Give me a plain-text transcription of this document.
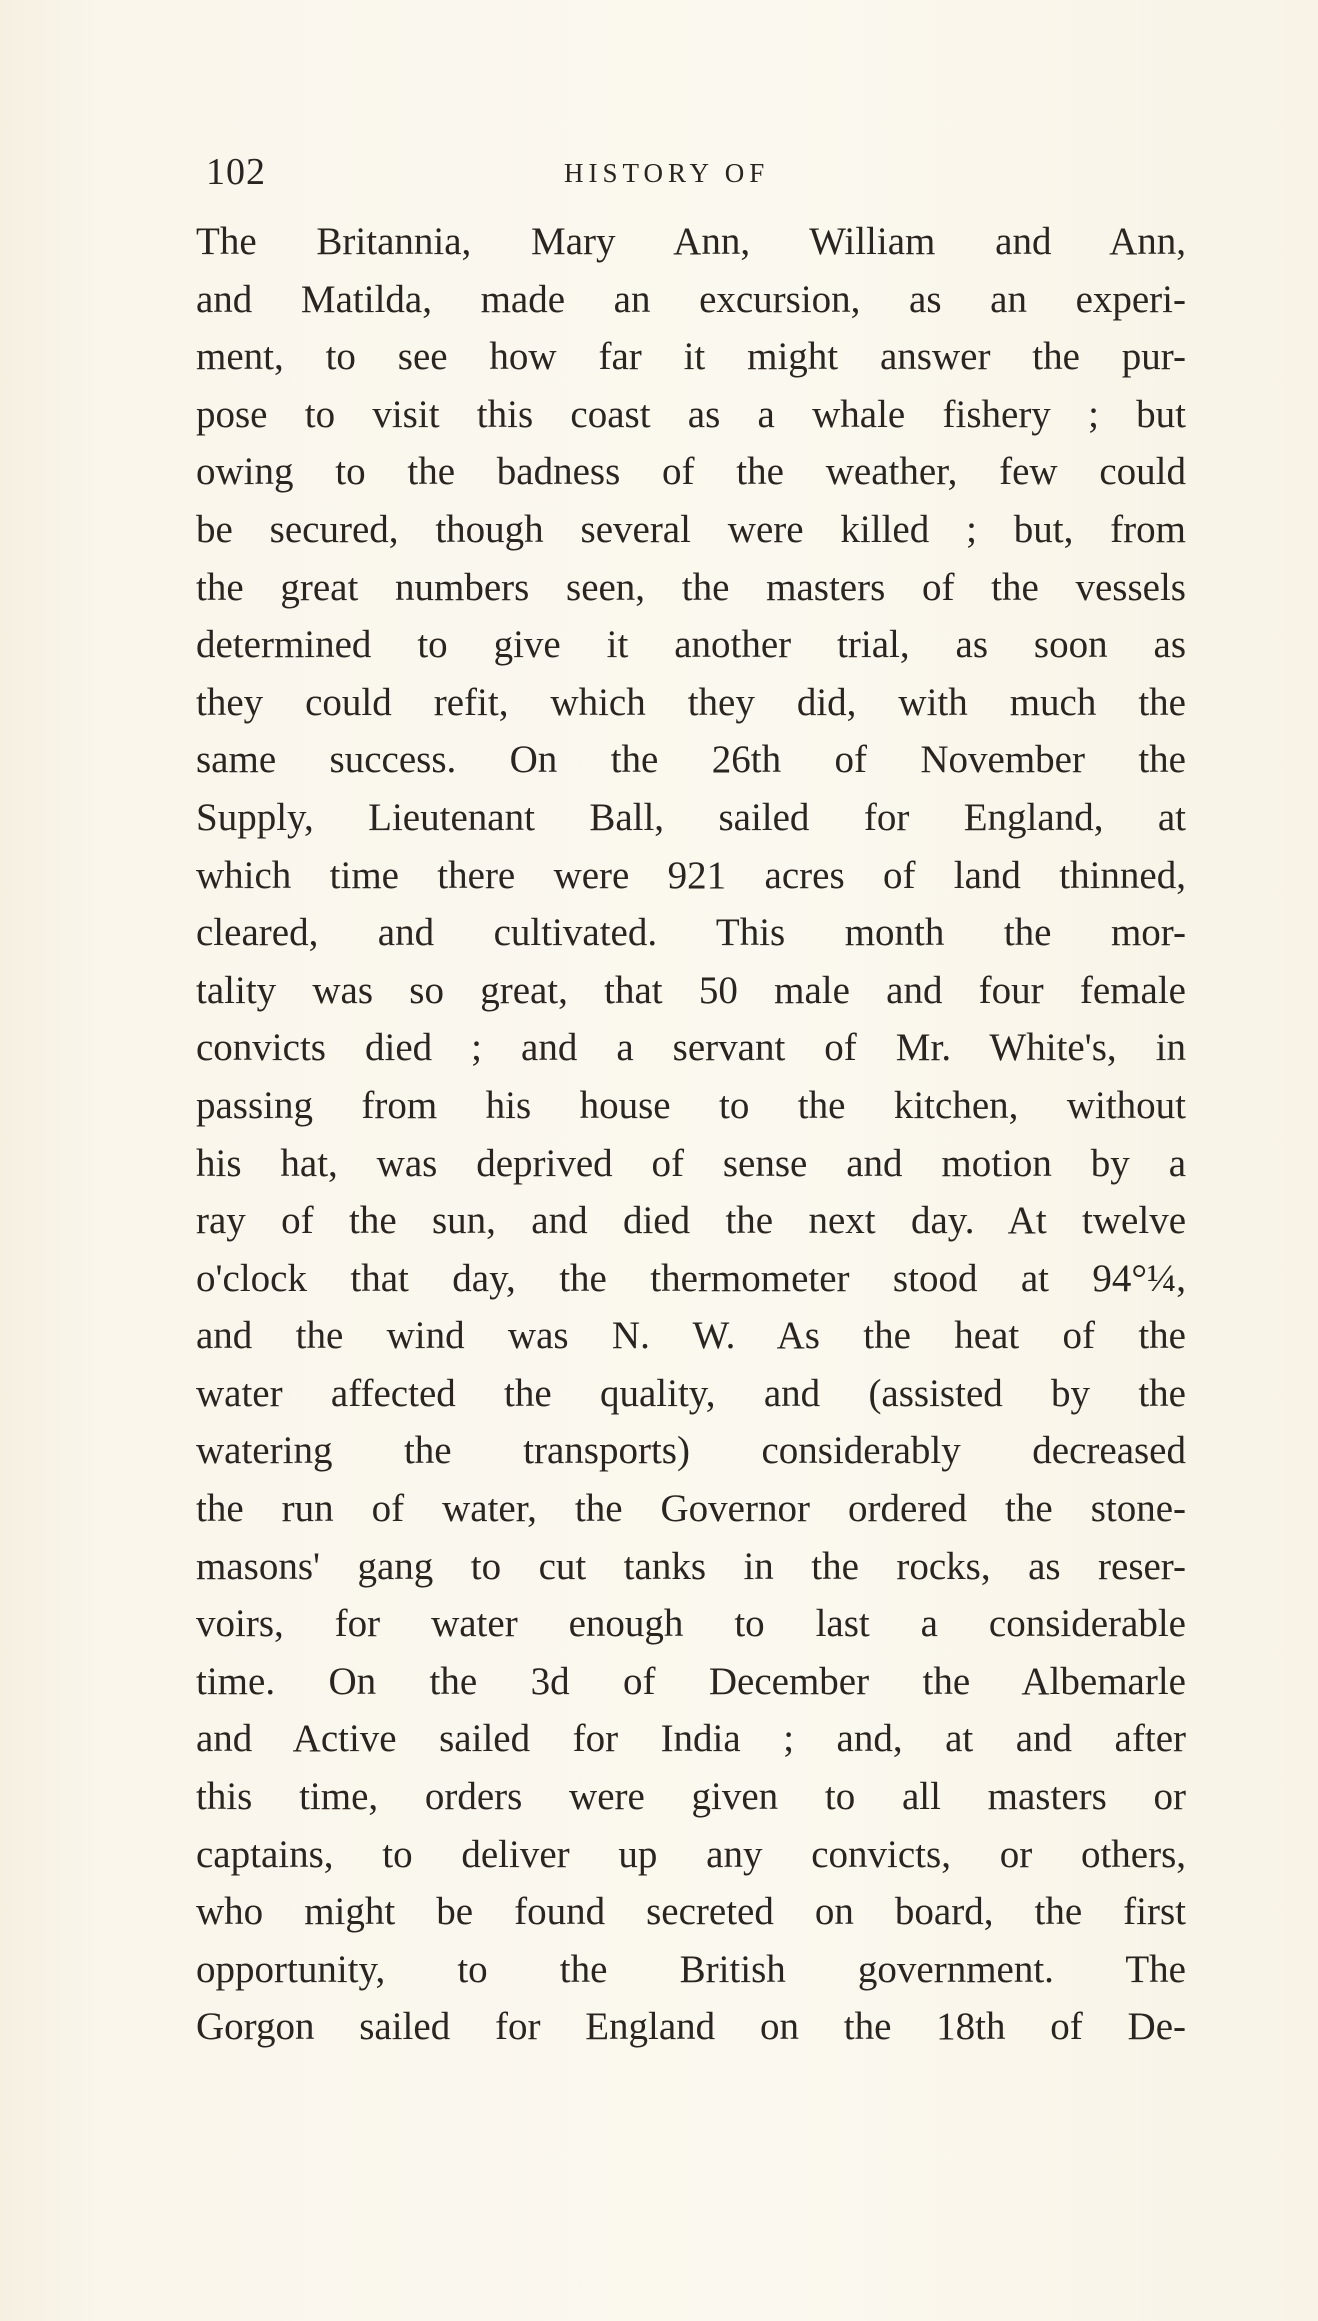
102	HISTORY OF
The Britannia, Mary Ann, William and Ann,
and Matilda, made an excursion, as an experi-
ment, to see how far it might answer the pur-
pose to visit this coast as a whale fishery ; but
owing to the badness of the weather, few could
be secured, though several were killed ; but, from
the great numbers seen, the masters of the vessels
determined to give it another trial, as soon as
they could refit, which they did, with much the
same success. On the 26th of November the
Supply, Lieutenant Ball, sailed for England, at
which time there were 921 acres of land thinned,
cleared, and cultivated. This month the mor-
tality was so great, that 50 male and four female
convicts died ; and a servant of Mr. White's, in
passing from his house to the kitchen, without
his hat, was deprived of sense and motion by a
ray of the sun, and died the next day. At twelve
o'clock that day, the thermometer stood at 94°¼,
and the wind was N. W. As the heat of the
water affected the quality, and (assisted by the
watering the transports) considerably decreased
the run of water, the Governor ordered the stone-
masons' gang to cut tanks in the rocks, as reser-
voirs, for water enough to last a considerable
time. On the 3d of December the Albemarle
and Active sailed for India ; and, at and after
this time, orders were given to all masters or
captains, to deliver up any convicts, or others,
who might be found secreted on board, the first
opportunity, to the British government. The
Gorgon sailed for England on the 18th of De-
